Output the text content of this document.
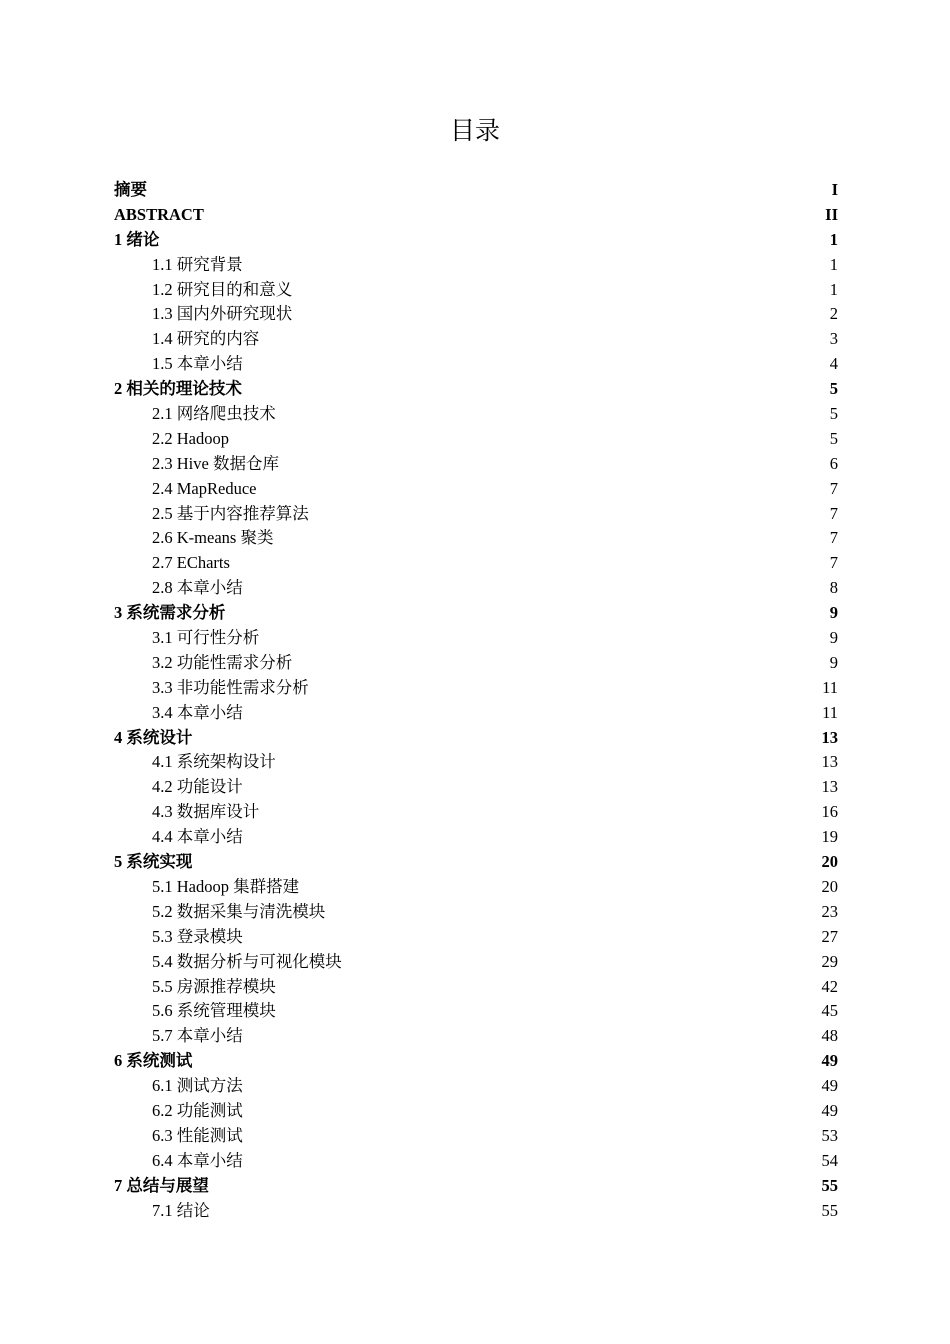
目录
摘要	I
ABSTRACT	II
1 绪论	1
1.1 研究背景	1
1.2 研究目的和意义	1
1.3 国内外研究现状	2
1.4 研究的内容	3
1.5 本章小结	4
2 相关的理论技术	5
2.1 网络爬虫技术	5
2.2 Hadoop	5
2.3 Hive 数据仓库	6
2.4 MapReduce	7
2.5 基于内容推荐算法	7
2.6 K-means 聚类	7
2.7 ECharts	7
2.8 本章小结	8
3 系统需求分析	9
3.1 可行性分析	9
3.2 功能性需求分析	9
3.3 非功能性需求分析	11
3.4 本章小结	11
4 系统设计	13
4.1 系统架构设计	13
4.2 功能设计	13
4.3 数据库设计	16
4.4 本章小结	19
5 系统实现	20
5.1 Hadoop 集群搭建	20
5.2 数据采集与清洗模块	23
5.3 登录模块	27
5.4 数据分析与可视化模块	29
5.5 房源推荐模块	42
5.6 系统管理模块	45
5.7 本章小结	48
6 系统测试	49
6.1 测试方法	49
6.2 功能测试	49
6.3 性能测试	53
6.4 本章小结	54
7 总结与展望	55
7.1 结论	55
